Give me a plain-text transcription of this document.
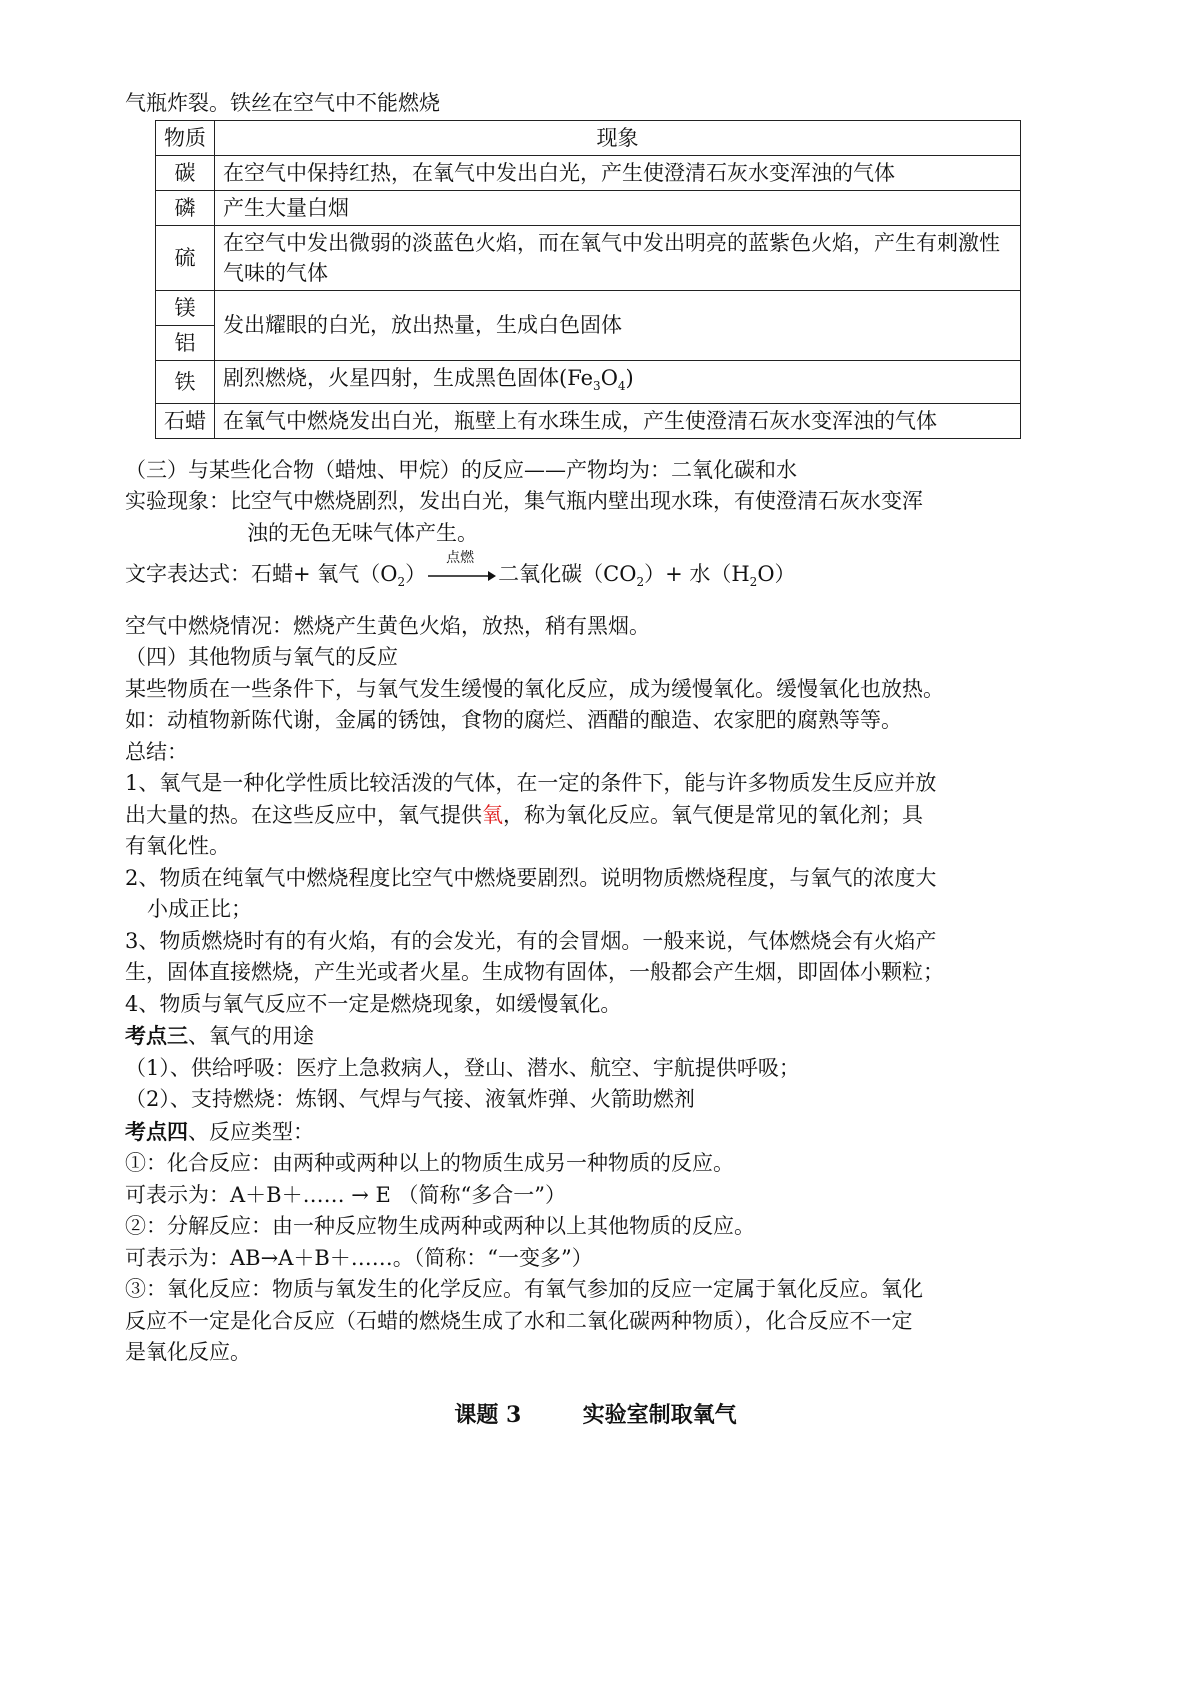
气瓶炸裂。铁丝在空气中不能燃烧
物质	现象
碳	在空气中保持红热，在氧气中发出白光，产生使澄清石灰水变浑浊的气体
磷	产生大量白烟
硫	在空气中发出微弱的淡蓝色火焰，而在氧气中发出明亮的蓝紫色火焰，产生有刺激性气味的气体
镁	发出耀眼的白光，放出热量，生成白色固体
铝	
铁	剧烈燃烧，火星四射，生成黑色固体$(Fe_3O_4)$
石蜡	在氧气中燃烧发出白光，瓶壁上有水珠生成，产生使澄清石灰水变浑浊的气体
（三）与某些化合物（蜡烛、甲烷）的反应——产物均为：二氧化碳和水
实验现象：比空气中燃烧剧烈，发出白光，集气瓶内壁出现水珠，有使澄清石灰水变浑
浊的无色无味气体产生。
文字表达式：石蜡+ 氧气$(O_2)$
点燃
二氧化碳$(CO_2)+$ 水$(H_2O)$
空气中燃烧情况：燃烧产生黄色火焰，放热，稍有黑烟。
（四）其他物质与氧气的反应
某些物质在一些条件下，与氧气发生缓慢的氧化反应，成为缓慢氧化。缓慢氧化也放热。
如：动植物新陈代谢，金属的锈蚀，食物的腐烂、酒醋的酿造、农家肥的腐熟等等。
总结：
1、氧气是一种化学性质比较活泼的气体，在一定的条件下，能与许多物质发生反应并放
出大量的热。在这些反应中，氧气提供氧，称为氧化反应。氧气便是常见的氧化剂；具
有氧化性。
2、物质在纯氧气中燃烧程度比空气中燃烧要剧烈。说明物质燃烧程度，与氧气的浓度大
小成正比；
3、物质燃烧时有的有火焰，有的会发光，有的会冒烟。一般来说，气体燃烧会有火焰产
生，固体直接燃烧，产生光或者火星。生成物有固体，一般都会产生烟，即固体小颗粒；
4、物质与氧气反应不一定是燃烧现象，如缓慢氧化。
考点三、氧气的用途
（1）、供给呼吸：医疗上急救病人，登山、潜水、航空、宇航提供呼吸；
（2）、支持燃烧：炼钢、气焊与气接、液氧炸弹、火箭助燃剂
考点四、反应类型：
①：化合反应：由两种或两种以上的物质生成另一种物质的反应。
可表示为：A＋B＋…… → E （简称“多合一”）
②：分解反应：由一种反应物生成两种或两种以上其他物质的反应。
可表示为：AB→A＋B＋……。（简称：“一变多”）
③：氧化反应：物质与氧发生的化学反应。有氧气参加的反应一定属于氧化反应。氧化
反应不一定是化合反应（石蜡的燃烧生成了水和二氧化碳两种物质），化合反应不一定
是氧化反应。
课题 3        实验室制取氧气
